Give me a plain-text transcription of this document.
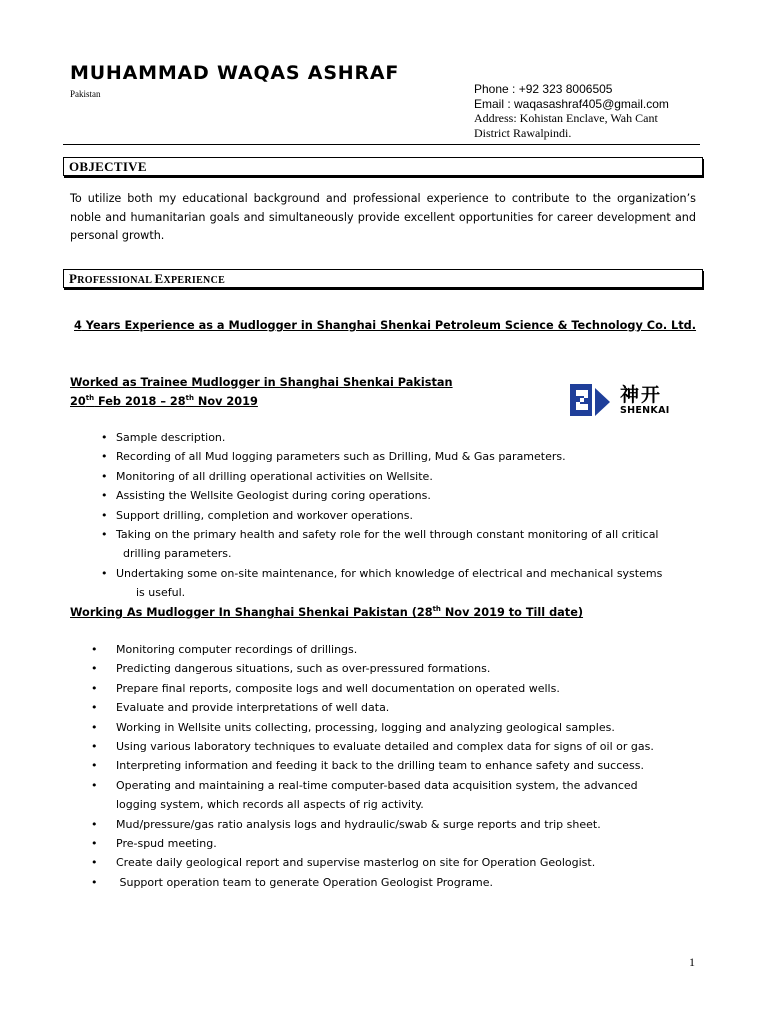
MUHAMMAD WAQAS ASHRAF
Pakistan	Phone : +92 323 8006505
Email : waqasashraf405@gmail.com
Address: Kohistan Enclave, Wah Cant
District Rawalpindi.
OBJECTIVE
To utilize both my educational background and professional experience to contribute to the organization’s noble and humanitarian goals and simultaneously provide excellent opportunities for career development and personal growth.
PROFESSIONAL EXPERIENCE
4 Years Experience as a Mudlogger in Shanghai Shenkai Petroleum Science & Technology Co. Ltd.
Worked as Trainee Mudlogger in Shanghai Shenkai Pakistan
20th Feb 2018 – 28th Nov 2019	神开
SHENKAI
• Sample description.
• Recording of all Mud logging parameters such as Drilling, Mud & Gas parameters.
• Monitoring of all drilling operational activities on Wellsite.
• Assisting the Wellsite Geologist during coring operations.
• Support drilling, completion and workover operations.
• Taking on the primary health and safety role for the well through constant monitoring of all critical
drilling parameters.
• Undertaking some on-site maintenance, for which knowledge of electrical and mechanical systems
is useful.
Working As Mudlogger In Shanghai Shenkai Pakistan (28th Nov 2019 to Till date)
• Monitoring computer recordings of drillings.
• Predicting dangerous situations, such as over-pressured formations.
• Prepare final reports, composite logs and well documentation on operated wells.
• Evaluate and provide interpretations of well data.
• Working in Wellsite units collecting, processing, logging and analyzing geological samples.
• Using various laboratory techniques to evaluate detailed and complex data for signs of oil or gas.
• Interpreting information and feeding it back to the drilling team to enhance safety and success.
• Operating and maintaining a real-time computer-based data acquisition system, the advanced
logging system, which records all aspects of rig activity.
• Mud/pressure/gas ratio analysis logs and hydraulic/swab & surge reports and trip sheet.
• Pre-spud meeting.
• Create daily geological report and supervise masterlog on site for Operation Geologist.
• Support operation team to generate Operation Geologist Programe.
1
